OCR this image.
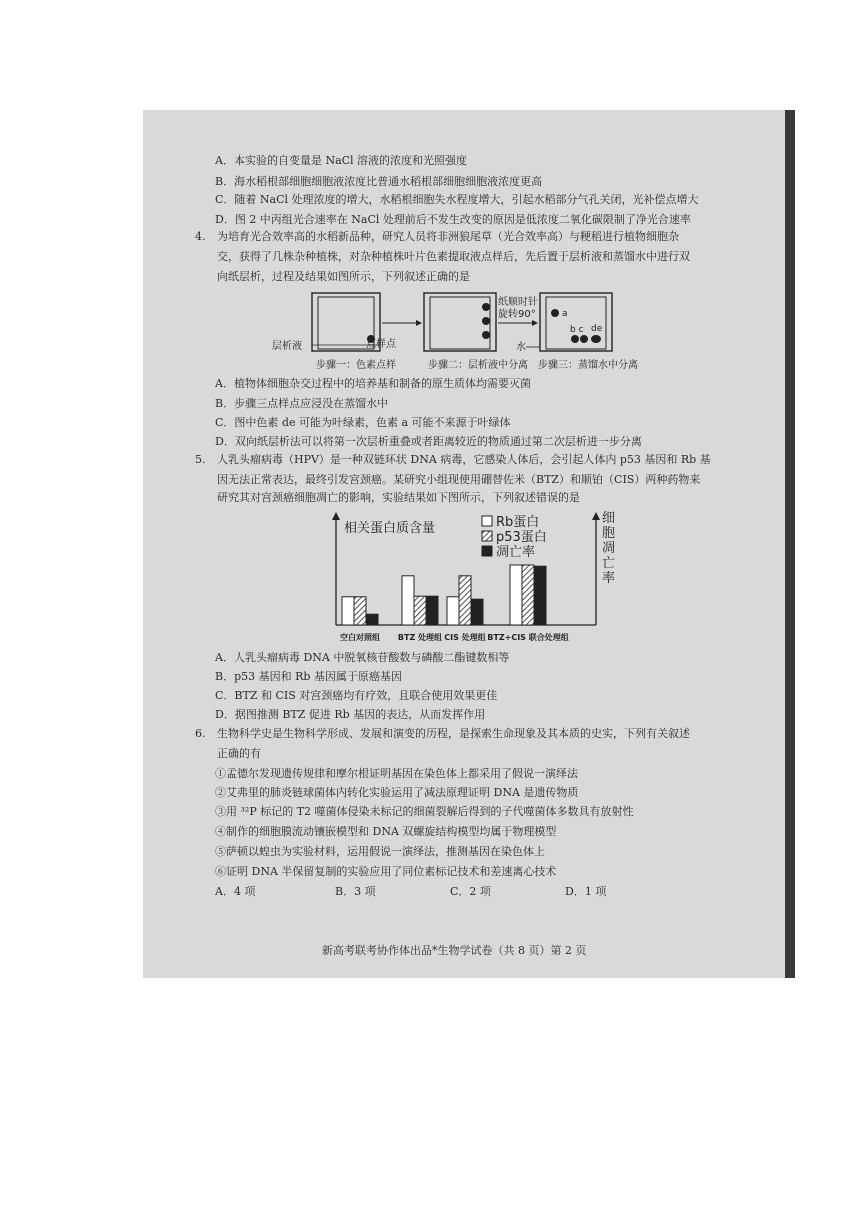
A．本实验的自变量是 NaCl 溶液的浓度和光照强度
B．海水稻根部细胞细胞液浓度比普通水稻根部细胞细胞液浓度更高
C．随着 NaCl 处理浓度的增大，水稻根细胞失水程度增大，引起水稻部分气孔关闭，光补偿点增大
D．图 2 中丙组光合速率在 NaCl 处理前后不发生改变的原因是低浓度二氧化碳限制了净光合速率
4. 为培育光合效率高的水稻新品种，研究人员将非洲狼尾草（光合效率高）与粳稻进行植物细胞杂
交，获得了几株杂种植株，对杂种植株叶片色素提取液点样后，先后置于层析液和蒸馏水中进行双
向纸层析，过程及结果如图所示，下列叙述正确的是
层析液	点样点
步骤一：色素点样	步骤二：层析液中分离
纸顺时针
旋转90°	a
b c de
水
步骤三：蒸馏水中分离
A．植物体细胞杂交过程中的培养基和制备的原生质体均需要灭菌
B．步骤三点样点应浸没在蒸馏水中
C．图中色素 de 可能为叶绿素，色素 a 可能不来源于叶绿体
D．双向纸层析法可以将第一次层析重叠或者距离较近的物质通过第二次层析进一步分离
5. 人乳头瘤病毒（HPV）是一种双链环状 DNA 病毒，它感染人体后，会引起人体内 p53 基因和 Rb 基
因无法正常表达，最终引发宫颈癌。某研究小组现使用硼替佐米（BTZ）和顺铂（CIS）两种药物来
研究其对宫颈癌细胞凋亡的影响，实验结果如下图所示，下列叙述错误的是
相关蛋白质含量	Rb蛋白
p53蛋白
凋亡率
细胞凋亡率
空白对照组 BTZ 处理组 CIS 处理组 BTZ+CIS 联合处理组
A．人乳头瘤病毒 DNA 中脱氧核苷酸数与磷酸二酯键数相等
B．p53 基因和 Rb 基因属于原癌基因
C．BTZ 和 CIS 对宫颈癌均有疗效，且联合使用效果更佳
D．据图推测 BTZ 促进 Rb 基因的表达，从而发挥作用
6. 生物科学史是生物科学形成、发展和演变的历程，是探索生命现象及其本质的史实，下列有关叙述
正确的有
①孟德尔发现遗传规律和摩尔根证明基因在染色体上都采用了假说一演绎法
②艾弗里的肺炎链球菌体内转化实验运用了减法原理证明 DNA 是遗传物质
③用 ³²P 标记的 T2 噬菌体侵染未标记的细菌裂解后得到的子代噬菌体多数具有放射性
④制作的细胞膜流动镶嵌模型和 DNA 双螺旋结构模型均属于物理模型
⑤萨顿以蝗虫为实验材料，运用假说一演绎法，推测基因在染色体上
⑥证明 DNA 半保留复制的实验应用了同位素标记技术和差速离心技术
A．4 项	B．3 项	C．2 项	D．1 项
新高考联考协作体出品*生物学试卷（共 8 页）第 2 页
